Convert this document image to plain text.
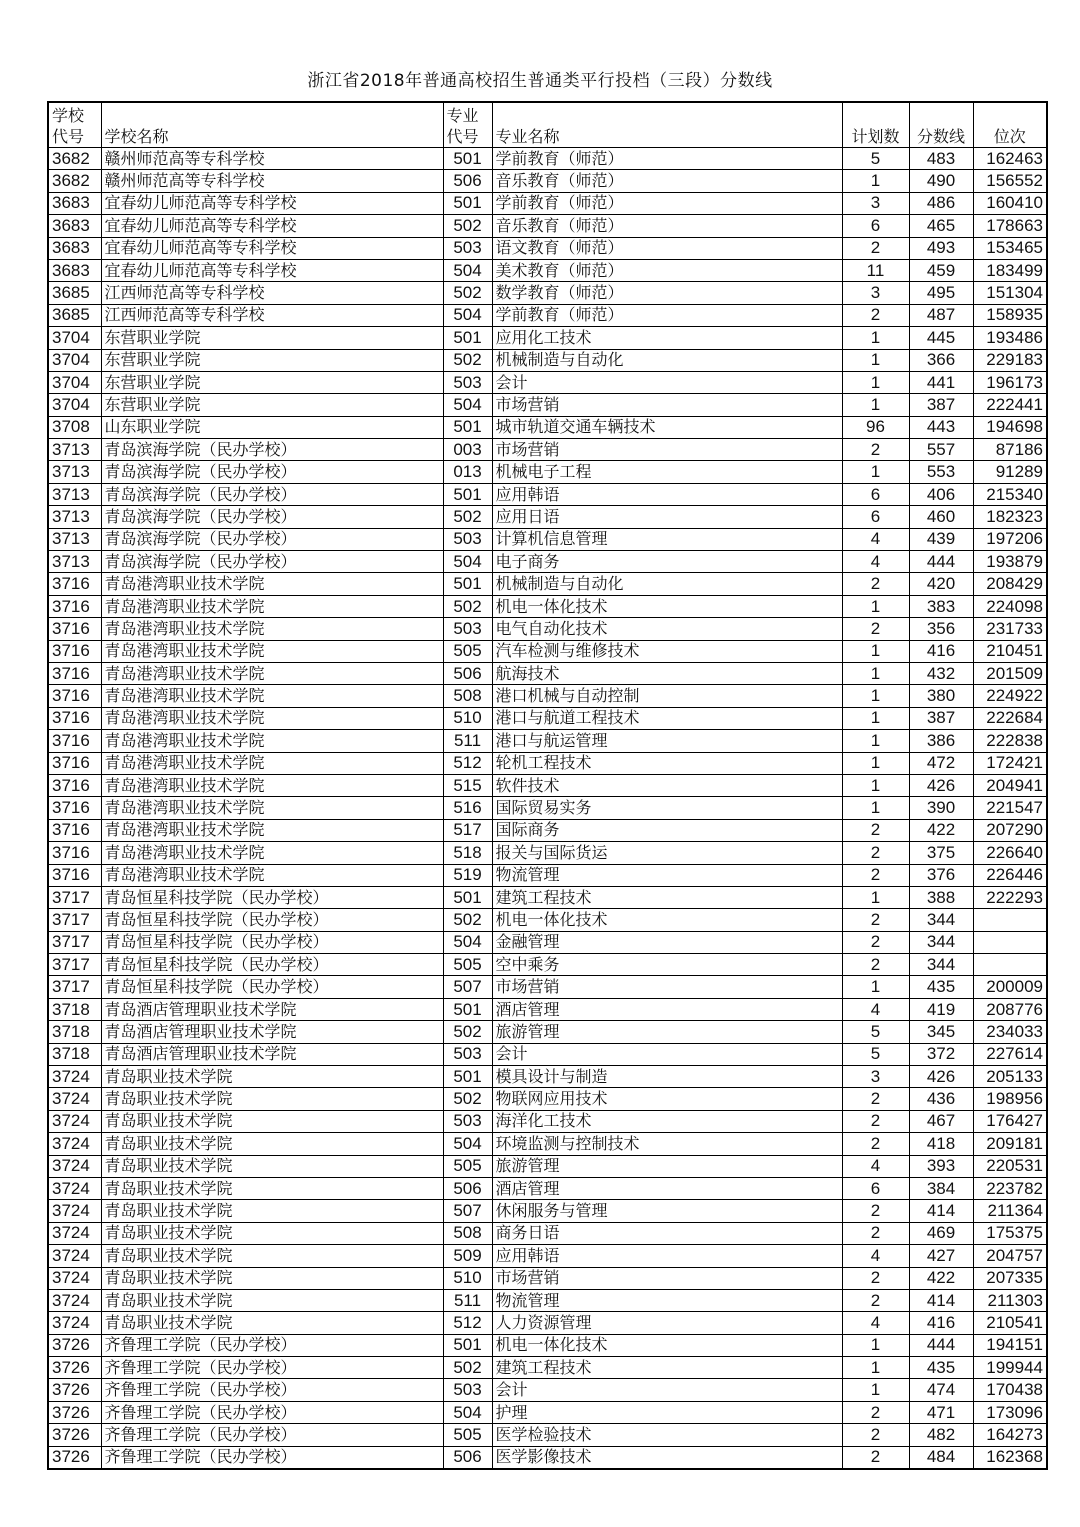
浙江省2018年普通高校招生普通类平行投档（三段）分数线
学校
代号	学校名称	专业
代号	专业名称	计划数	分数线	位次
3682	赣州师范高等专科学校	501	学前教育（师范）	5	483	162463
3682	赣州师范高等专科学校	506	音乐教育（师范）	1	490	156552
3683	宜春幼儿师范高等专科学校	501	学前教育（师范）	3	486	160410
3683	宜春幼儿师范高等专科学校	502	音乐教育（师范）	6	465	178663
3683	宜春幼儿师范高等专科学校	503	语文教育（师范）	2	493	153465
3683	宜春幼儿师范高等专科学校	504	美术教育（师范）	11	459	183499
3685	江西师范高等专科学校	502	数学教育（师范）	3	495	151304
3685	江西师范高等专科学校	504	学前教育（师范）	2	487	158935
3704	东营职业学院	501	应用化工技术	1	445	193486
3704	东营职业学院	502	机械制造与自动化	1	366	229183
3704	东营职业学院	503	会计	1	441	196173
3704	东营职业学院	504	市场营销	1	387	222441
3708	山东职业学院	501	城市轨道交通车辆技术	96	443	194698
3713	青岛滨海学院（民办学校）	003	市场营销	2	557	87186
3713	青岛滨海学院（民办学校）	013	机械电子工程	1	553	91289
3713	青岛滨海学院（民办学校）	501	应用韩语	6	406	215340
3713	青岛滨海学院（民办学校）	502	应用日语	6	460	182323
3713	青岛滨海学院（民办学校）	503	计算机信息管理	4	439	197206
3713	青岛滨海学院（民办学校）	504	电子商务	4	444	193879
3716	青岛港湾职业技术学院	501	机械制造与自动化	2	420	208429
3716	青岛港湾职业技术学院	502	机电一体化技术	1	383	224098
3716	青岛港湾职业技术学院	503	电气自动化技术	2	356	231733
3716	青岛港湾职业技术学院	505	汽车检测与维修技术	1	416	210451
3716	青岛港湾职业技术学院	506	航海技术	1	432	201509
3716	青岛港湾职业技术学院	508	港口机械与自动控制	1	380	224922
3716	青岛港湾职业技术学院	510	港口与航道工程技术	1	387	222684
3716	青岛港湾职业技术学院	511	港口与航运管理	1	386	222838
3716	青岛港湾职业技术学院	512	轮机工程技术	1	472	172421
3716	青岛港湾职业技术学院	515	软件技术	1	426	204941
3716	青岛港湾职业技术学院	516	国际贸易实务	1	390	221547
3716	青岛港湾职业技术学院	517	国际商务	2	422	207290
3716	青岛港湾职业技术学院	518	报关与国际货运	2	375	226640
3716	青岛港湾职业技术学院	519	物流管理	2	376	226446
3717	青岛恒星科技学院（民办学校）	501	建筑工程技术	1	388	222293
3717	青岛恒星科技学院（民办学校）	502	机电一体化技术	2	344	
3717	青岛恒星科技学院（民办学校）	504	金融管理	2	344	
3717	青岛恒星科技学院（民办学校）	505	空中乘务	2	344	
3717	青岛恒星科技学院（民办学校）	507	市场营销	1	435	200009
3718	青岛酒店管理职业技术学院	501	酒店管理	4	419	208776
3718	青岛酒店管理职业技术学院	502	旅游管理	5	345	234033
3718	青岛酒店管理职业技术学院	503	会计	5	372	227614
3724	青岛职业技术学院	501	模具设计与制造	3	426	205133
3724	青岛职业技术学院	502	物联网应用技术	2	436	198956
3724	青岛职业技术学院	503	海洋化工技术	2	467	176427
3724	青岛职业技术学院	504	环境监测与控制技术	2	418	209181
3724	青岛职业技术学院	505	旅游管理	4	393	220531
3724	青岛职业技术学院	506	酒店管理	6	384	223782
3724	青岛职业技术学院	507	休闲服务与管理	2	414	211364
3724	青岛职业技术学院	508	商务日语	2	469	175375
3724	青岛职业技术学院	509	应用韩语	4	427	204757
3724	青岛职业技术学院	510	市场营销	2	422	207335
3724	青岛职业技术学院	511	物流管理	2	414	211303
3724	青岛职业技术学院	512	人力资源管理	4	416	210541
3726	齐鲁理工学院（民办学校）	501	机电一体化技术	1	444	194151
3726	齐鲁理工学院（民办学校）	502	建筑工程技术	1	435	199944
3726	齐鲁理工学院（民办学校）	503	会计	1	474	170438
3726	齐鲁理工学院（民办学校）	504	护理	2	471	173096
3726	齐鲁理工学院（民办学校）	505	医学检验技术	2	482	164273
3726	齐鲁理工学院（民办学校）	506	医学影像技术	2	484	162368
